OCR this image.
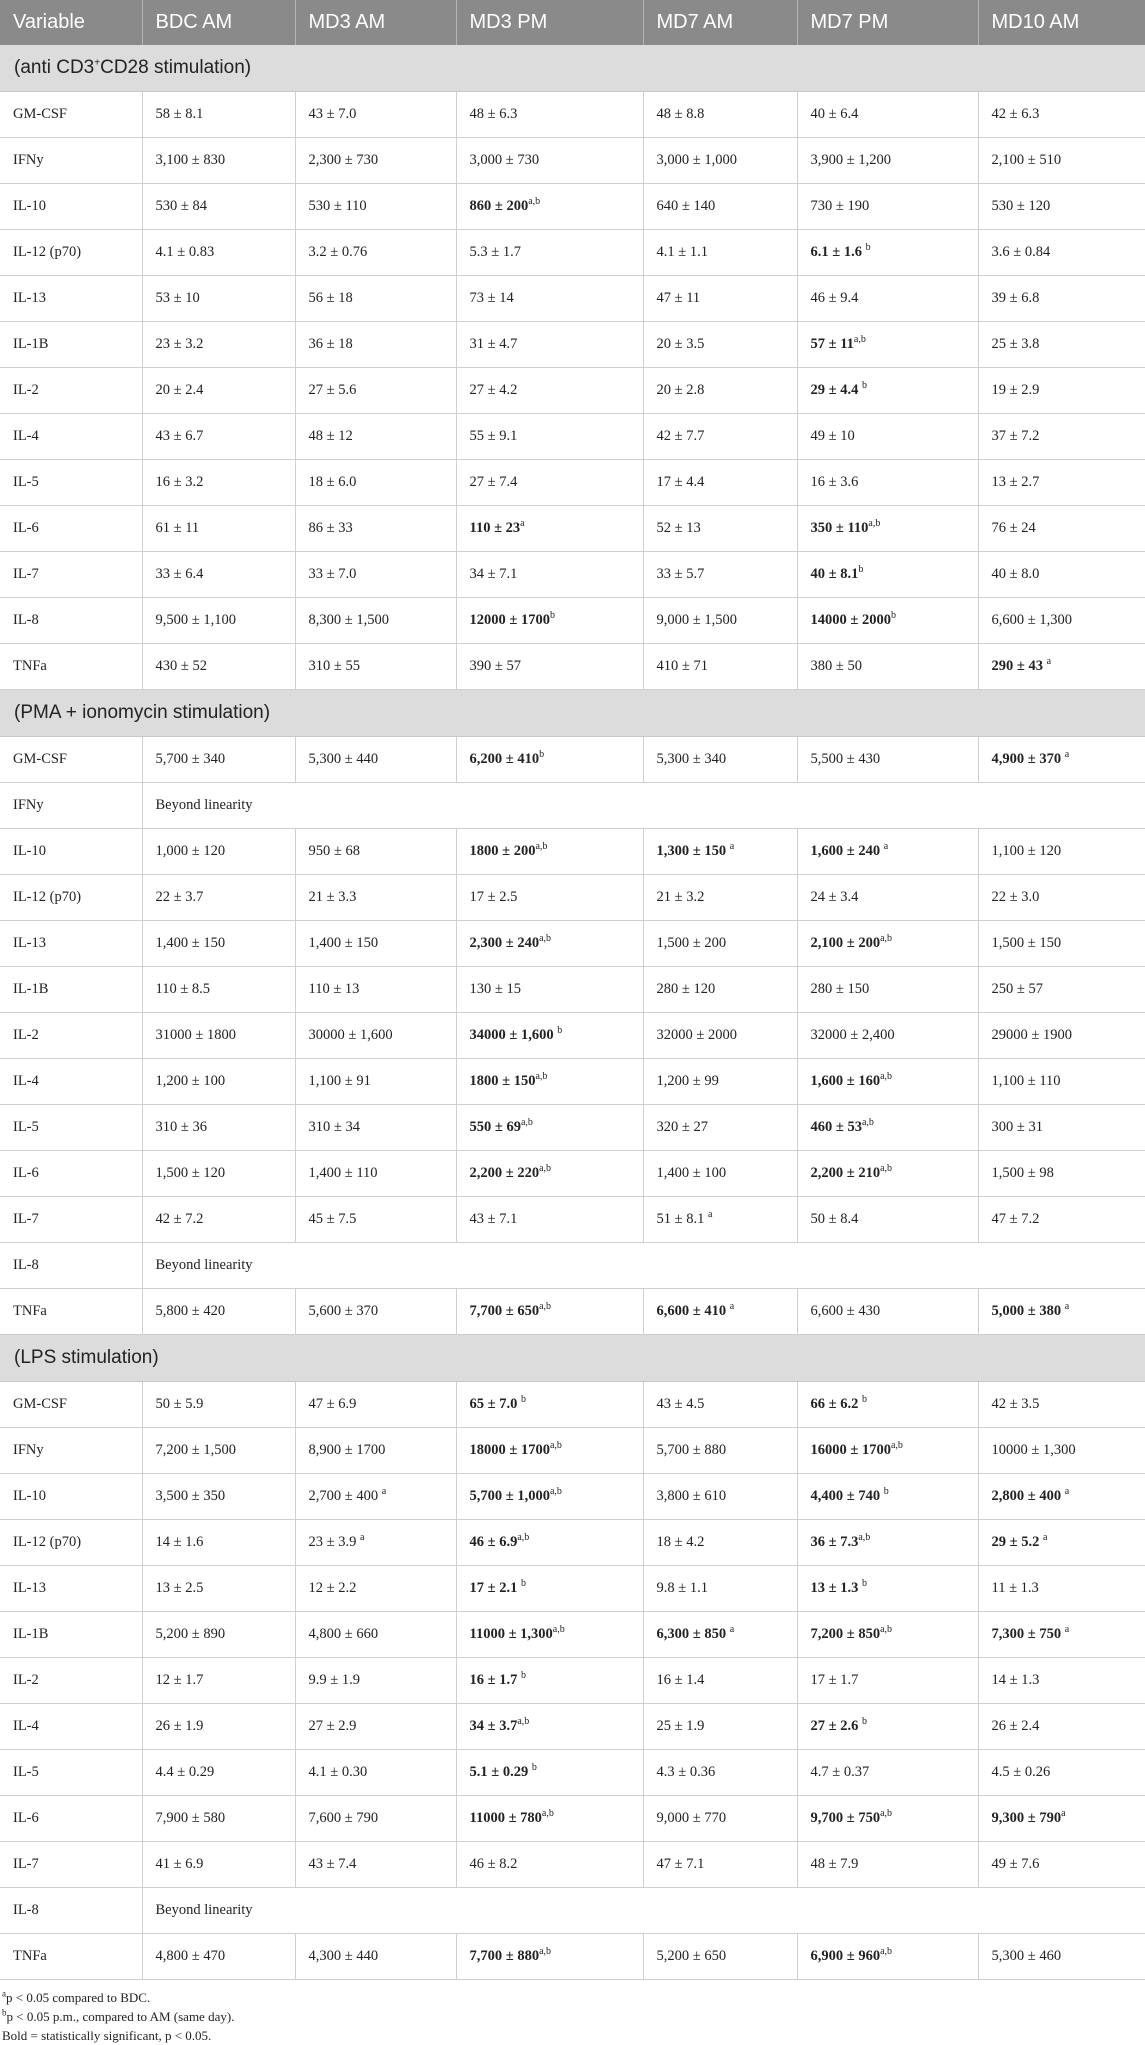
Variable	BDC AM	MD3 AM	MD3 PM	MD7 AM	MD7 PM	MD10 AM
(anti CD3+CD28 stimulation)						
GM-CSF	58 ± 8.1	43 ± 7.0	48 ± 6.3	48 ± 8.8	40 ± 6.4	42 ± 6.3
IFNy	3,100 ± 830	2,300 ± 730	3,000 ± 730	3,000 ± 1,000	3,900 ± 1,200	2,100 ± 510
IL-10	530 ± 84	530 ± 110	$860 \pm 200^{a,b}$	640 ± 140	730 ± 190	530 ± 120
IL-12 (p70)	4.1 ± 0.83	3.2 ± 0.76	5.3 ± 1.7	4.1 ± 1.1	6.1 ± 1.6 $^b$	3.6 ± 0.84
IL-13	53 ± 10	56 ± 18	73 ± 14	47 ± 11	46 ± 9.4	39 ± 6.8
IL-1B	23 ± 3.2	36 ± 18	31 ± 4.7	20 ± 3.5	$57 \pm 11^{a,b}$	25 ± 3.8
IL-2	20 ± 2.4	27 ± 5.6	27 ± 4.2	20 ± 2.8	29 ± 4.4 $^b$	19 ± 2.9
IL-4	43 ± 6.7	48 ± 12	55 ± 9.1	42 ± 7.7	49 ± 10	37 ± 7.2
IL-5	16 ± 3.2	18 ± 6.0	27 ± 7.4	17 ± 4.4	16 ± 3.6	13 ± 2.7
IL-6	61 ± 11	86 ± 33	$110 \pm 23^a$	52 ± 13	$350 \pm 110^{a,b}$	76 ± 24
IL-7	33 ± 6.4	33 ± 7.0	34 ± 7.1	33 ± 5.7	40 ± 8.1$^b$	40 ± 8.0
IL-8	9,500 ± 1,100	8,300 ± 1,500	$12000 \pm 1700^b$	9,000 ± 1,500	$14000 \pm 2000^b$	6,600 ± 1,300
TNFa	430 ± 52	310 ± 55	390 ± 57	410 ± 71	380 ± 50	290 ± 43 $^a$
(PMA + ionomycin stimulation)						
GM-CSF	5,700 ± 340	5,300 ± 440	$6,200 \pm 410^b$	5,300 ± 340	5,500 ± 430	4,900 ± 370 $^a$
IFNy	Beyond linearity					
IL-10	1,000 ± 120	950 ± 68	$1800 \pm 200^{a,b}$	1,300 ± 150 $^a$	1,600 ± 240 $^a$	1,100 ± 120
IL-12 (p70)	22 ± 3.7	21 ± 3.3	17 ± 2.5	21 ± 3.2	24 ± 3.4	22 ± 3.0
IL-13	1,400 ± 150	1,400 ± 150	$2,300 \pm 240^{a,b}$	1,500 ± 200	$2,100 \pm 200^{a,b}$	1,500 ± 150
IL-1B	110 ± 8.5	110 ± 13	130 ± 15	280 ± 120	280 ± 150	250 ± 57
IL-2	31000 ± 1800	30000 ± 1,600	34000 ± 1,600 $^b$	32000 ± 2000	32000 ± 2,400	29000 ± 1900
IL-4	1,200 ± 100	1,100 ± 91	$1800 \pm 150^{a,b}$	1,200 ± 99	$1,600 \pm 160^{a,b}$	1,100 ± 110
IL-5	310 ± 36	310 ± 34	$550 \pm 69^{a,b}$	320 ± 27	$460 \pm 53^{a,b}$	300 ± 31
IL-6	1,500 ± 120	1,400 ± 110	$2,200 \pm 220^{a,b}$	1,400 ± 100	$2,200 \pm 210^{a,b}$	1,500 ± 98
IL-7	42 ± 7.2	45 ± 7.5	43 ± 7.1	51 ± 8.1 $^a$	50 ± 8.4	47 ± 7.2
IL-8	Beyond linearity					
TNFa	5,800 ± 420	5,600 ± 370	$7,700 \pm 650^{a,b}$	6,600 ± 410 $^a$	6,600 ± 430	5,000 ± 380 $^a$
(LPS stimulation)						
GM-CSF	50 ± 5.9	47 ± 6.9	65 ± 7.0 $^b$	43 ± 4.5	66 ± 6.2 $^b$	42 ± 3.5
IFNy	7,200 ± 1,500	8,900 ± 1700	$18000 \pm 1700^{a,b}$	5,700 ± 880	$16000 \pm 1700^{a,b}$	10000 ± 1,300
IL-10	3,500 ± 350	2,700 ± 400 $^a$	$5,700 \pm 1,000^{a,b}$	3,800 ± 610	4,400 ± 740 $^b$	2,800 ± 400 $^a$
IL-12 (p70)	14 ± 1.6	23 ± 3.9 $^a$	$46 \pm 6.9^{a,b}$	18 ± 4.2	$36 \pm 7.3^{a,b}$	29 ± 5.2 $^a$
IL-13	13 ± 2.5	12 ± 2.2	17 ± 2.1 $^b$	9.8 ± 1.1	13 ± 1.3 $^b$	11 ± 1.3
IL-1B	5,200 ± 890	4,800 ± 660	$11000 \pm 1,300^{a,b}$	6,300 ± 850 $^a$	$7,200 \pm 850^{a,b}$	7,300 ± 750 $^a$
IL-2	12 ± 1.7	9.9 ± 1.9	16 ± 1.7 $^b$	16 ± 1.4	17 ± 1.7	14 ± 1.3
IL-4	26 ± 1.9	27 ± 2.9	$34 \pm 3.7^{a,b}$	25 ± 1.9	27 ± 2.6 $^b$	26 ± 2.4
IL-5	4.4 ± 0.29	4.1 ± 0.30	5.1 ± 0.29 $^b$	4.3 ± 0.36	4.7 ± 0.37	4.5 ± 0.26
IL-6	7,900 ± 580	7,600 ± 790	$11000 \pm 780^{a,b}$	9,000 ± 770	$9,700 \pm 750^{a,b}$	$9,300 \pm 790^a$
IL-7	41 ± 6.9	43 ± 7.4	46 ± 8.2	47 ± 7.1	48 ± 7.9	49 ± 7.6
IL-8	Beyond linearity					
TNFa	4,800 ± 470	4,300 ± 440	$7,700 \pm 880^{a,b}$	5,200 ± 650	$6,900 \pm 960^{a,b}$	5,300 ± 460
$^a$p < 0.05 compared to BDC.
$^b$p < 0.05 p.m., compared to AM (same day).
Bold = statistically significant, p < 0.05.
